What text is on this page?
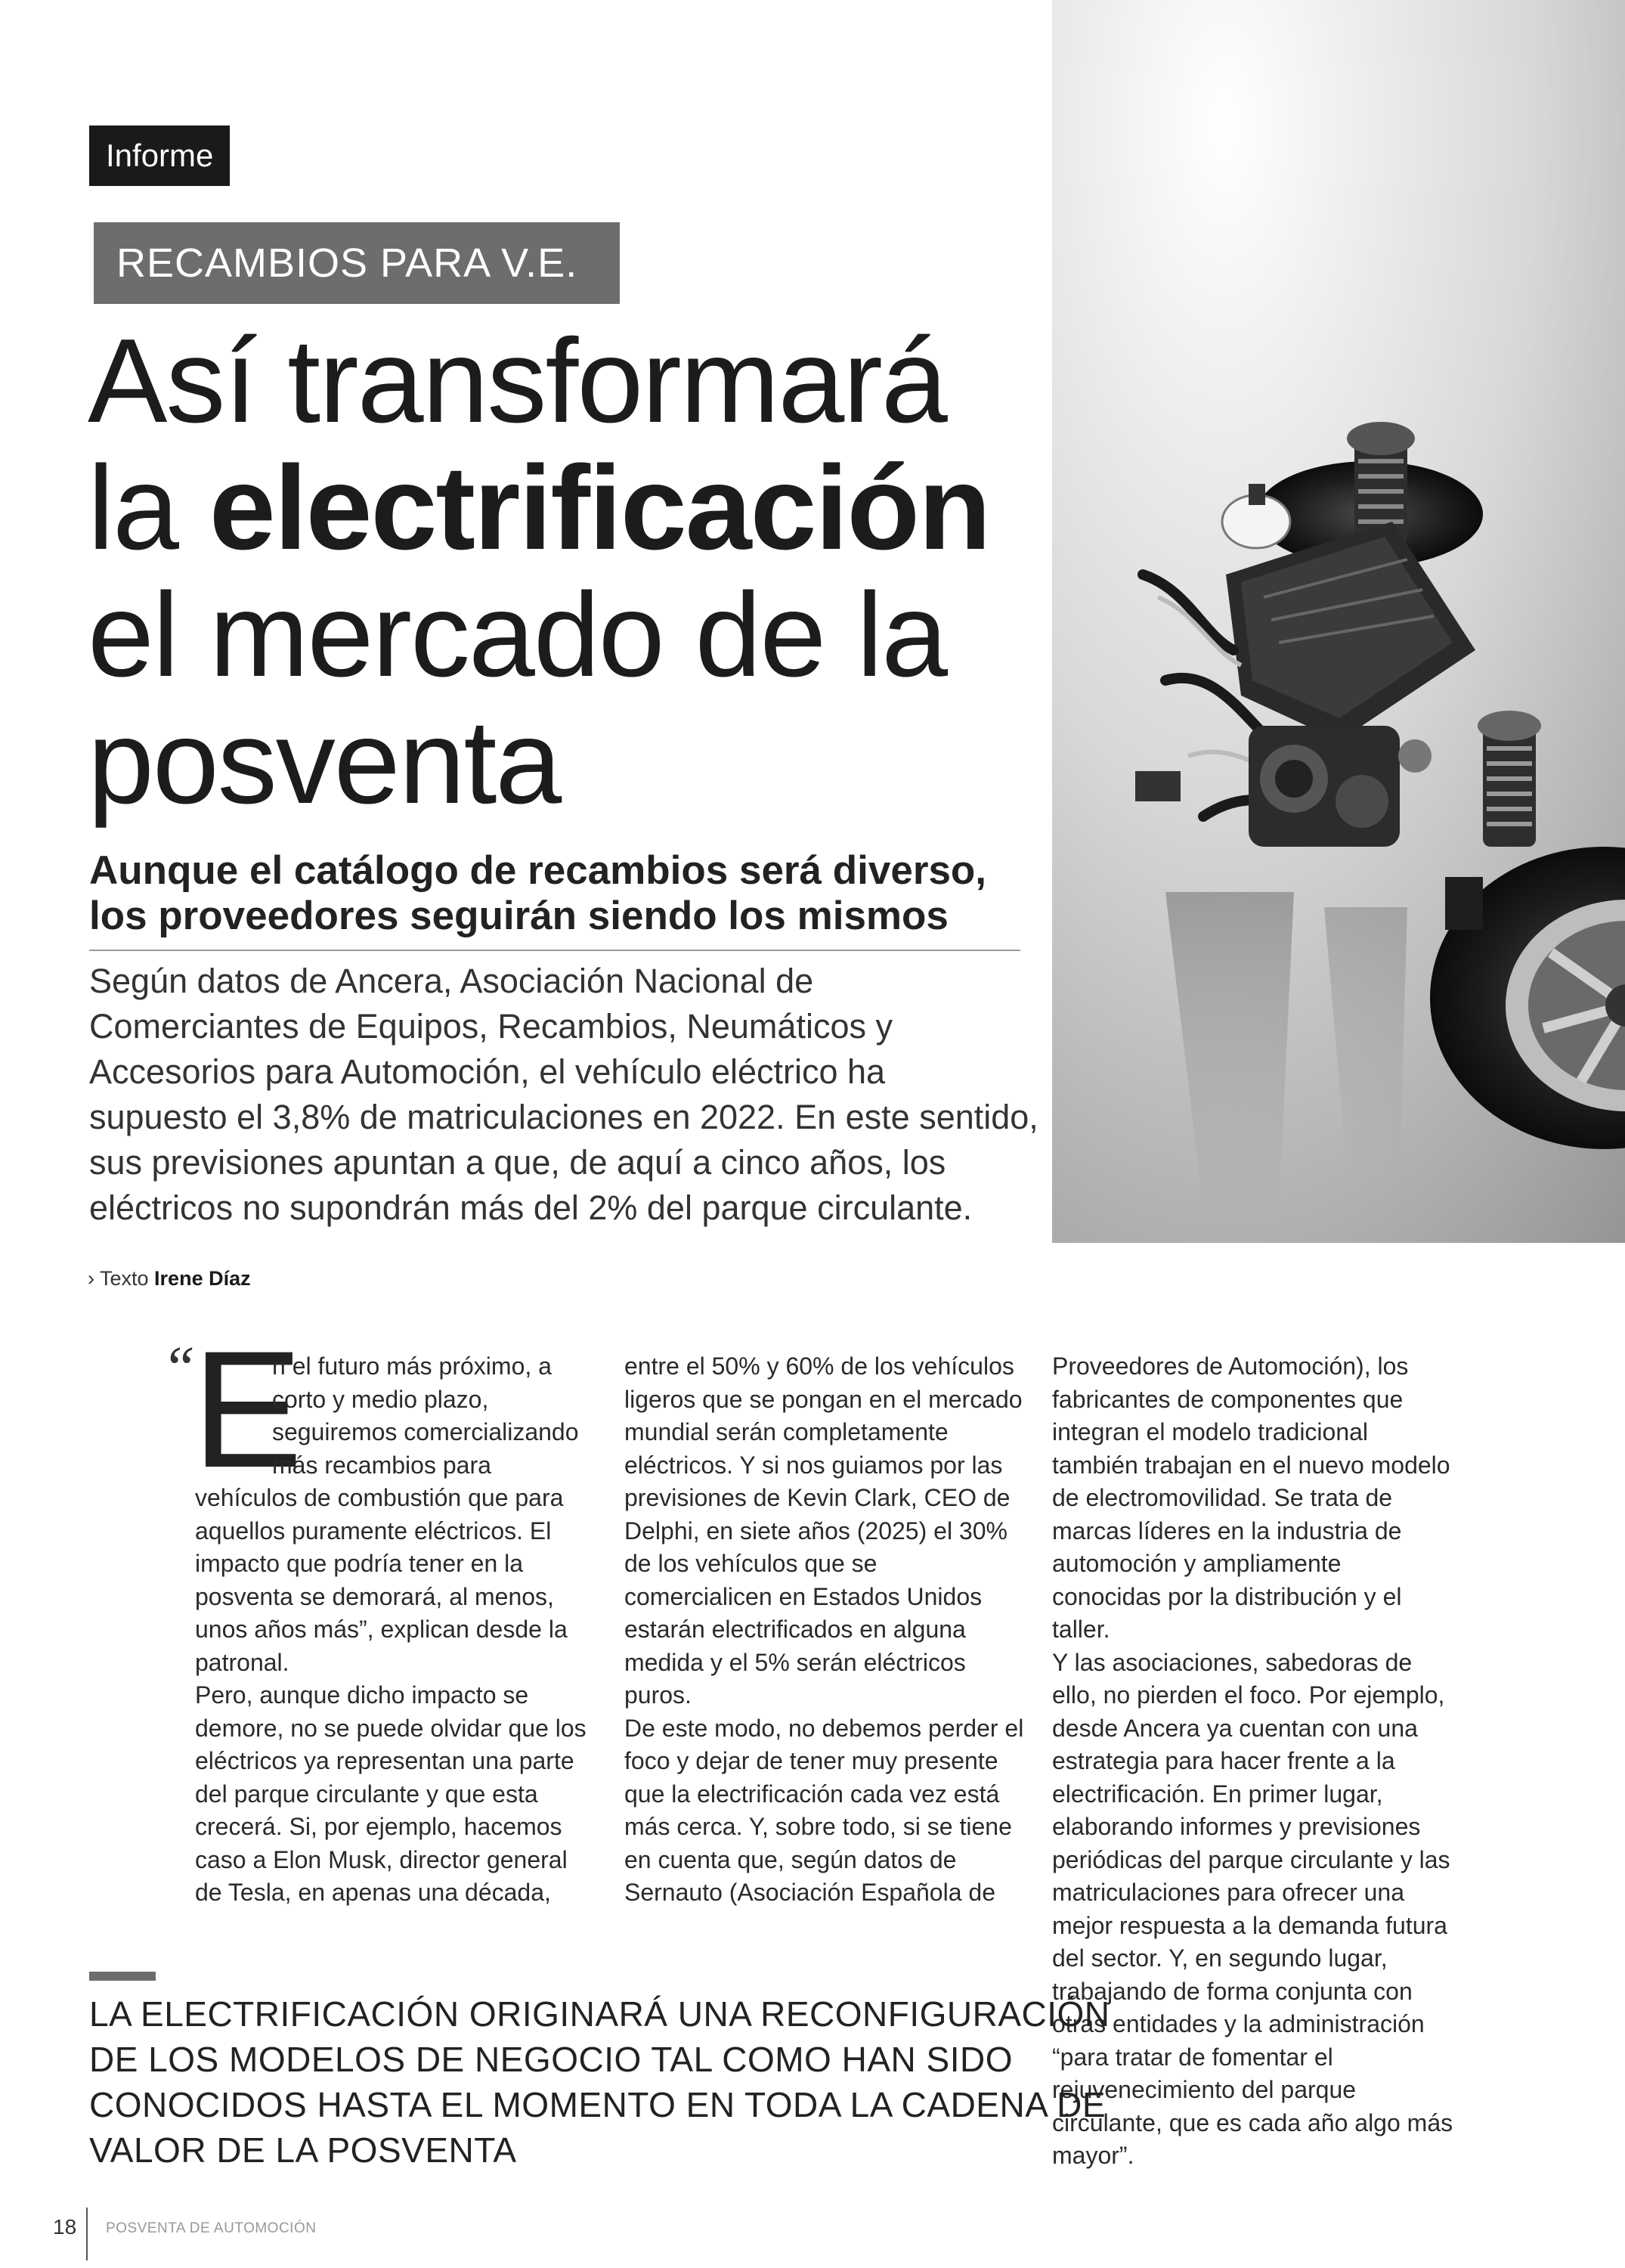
Informe
RECAMBIOS PARA V.E.
Así transformará
la electrificación
el mercado de la
posventa
Aunque el catálogo de recambios será diverso,
los proveedores seguirán siendo los mismos

Según datos de Ancera, Asociación Nacional de
Comerciantes de Equipos, Recambios, Neumáticos y
Accesorios para Automoción, el vehículo eléctrico ha
supuesto el 3,8% de matriculaciones en 2022. En este sentido,
sus previsiones apuntan a que, de aquí a cinco años, los
eléctricos no supondrán más del 2% del parque circulante.

› Texto Irene Díaz
“
E
n el futuro más próximo, a
corto y medio plazo,
seguiremos comercializando
más recambios para
vehículos de combustión que para
aquellos puramente eléctricos. El
impacto que podría tener en la
posventa se demorará, al menos,
unos años más”, explican desde la
patronal.
Pero, aunque dicho impacto se
demore, no se puede olvidar que los
eléctricos ya representan una parte
del parque circulante y que esta
crecerá. Si, por ejemplo, hacemos
caso a Elon Musk, director general
de Tesla, en apenas una década,
entre el 50% y 60% de los vehículos
ligeros que se pongan en el mercado
mundial serán completamente
eléctricos. Y si nos guiamos por las
previsiones de Kevin Clark, CEO de
Delphi, en siete años (2025) el 30%
de los vehículos que se
comercialicen en Estados Unidos
estarán electrificados en alguna
medida y el 5% serán eléctricos
puros.
De este modo, no debemos perder el
foco y dejar de tener muy presente
que la electrificación cada vez está
más cerca. Y, sobre todo, si se tiene
en cuenta que, según datos de
Sernauto (Asociación Española de
Proveedores de Automoción), los
fabricantes de componentes que
integran el modelo tradicional
también trabajan en el nuevo modelo
de electromovilidad. Se trata de
marcas líderes en la industria de
automoción y ampliamente
conocidas por la distribución y el
taller.
Y las asociaciones, sabedoras de
ello, no pierden el foco. Por ejemplo,
desde Ancera ya cuentan con una
estrategia para hacer frente a la
electrificación. En primer lugar,
elaborando informes y previsiones
periódicas del parque circulante y las
matriculaciones para ofrecer una
mejor respuesta a la demanda futura
del sector. Y, en segundo lugar,
trabajando de forma conjunta con
otras entidades y la administración
“para tratar de fomentar el
rejuvenecimiento del parque
circulante, que es cada año algo más
mayor”.
LA ELECTRIFICACIÓN ORIGINARÁ UNA RECONFIGURACIÓN
DE LOS MODELOS DE NEGOCIO TAL COMO HAN SIDO
CONOCIDOS HASTA EL MOMENTO EN TODA LA CADENA DE
VALOR DE LA POSVENTA
18 POSVENTA DE AUTOMOCIÓN
